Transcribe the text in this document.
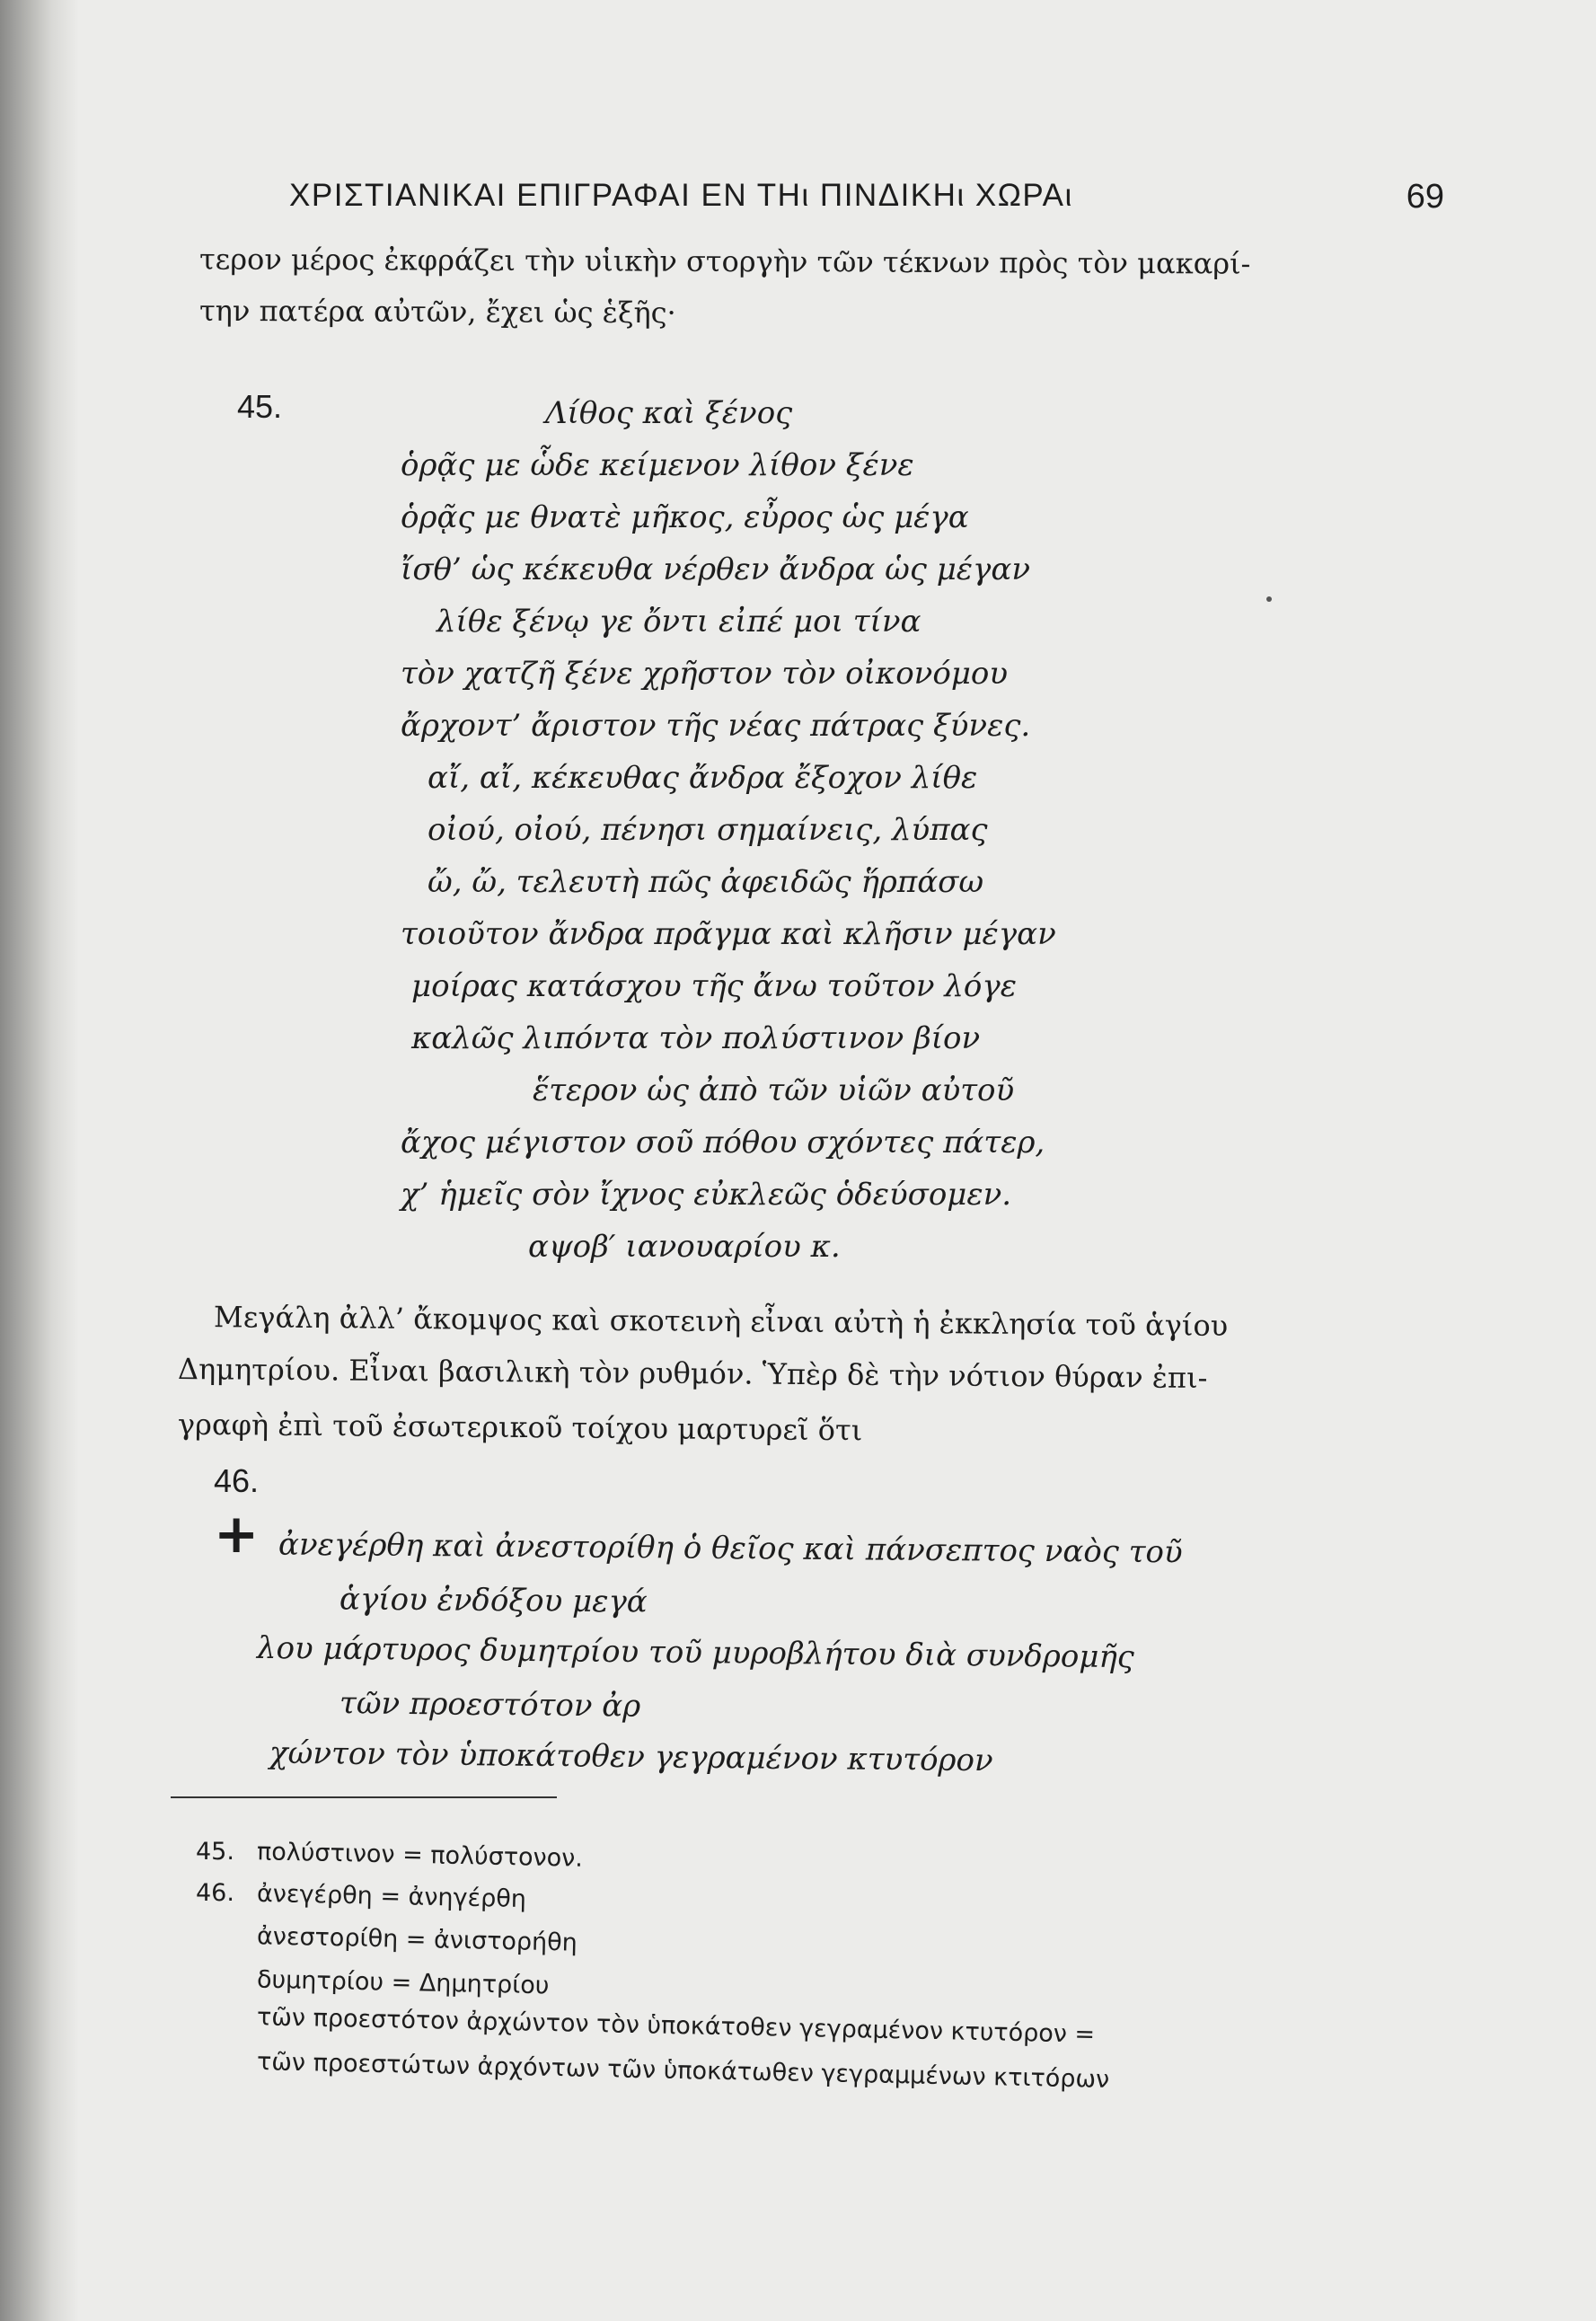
ΧΡΙΣΤΙΑΝΙΚΑΙ ΕΠΙΓΡΑΦΑΙ ΕΝ ΤΗι ΠΙΝΔΙΚΗι ΧΩΡΑι	69
τερον μέρος ἐκφράζει τὴν υἱικὴν στοργὴν τῶν τέκνων πρὸς τὸν μακαρί-
την πατέρα αὐτῶν, ἔχει ὡς ἑξῆς·
45.	Λίθος καὶ ξένος
ὁρᾷς με ὧδε κείμενον λίθον ξένε
ὁρᾷς με θνατὲ μῆκος, εὖρος ὡς μέγα
ἴσθ’ ὡς κέκευθα νέρθεν ἄνδρα ὡς μέγαν
λίθε ξένῳ γε ὄντι εἰπέ μοι τίνα
τὸν χατζῆ ξένε χρῆστον τὸν οἰκονόμου
ἄρχοντ’ ἄριστον τῆς νέας πάτρας ξύνες.
αἴ, αἴ, κέκευθας ἄνδρα ἔξοχον λίθε
οἰού, οἰού, πένησι σημαίνεις, λύπας
ὤ, ὤ, τελευτὴ πῶς ἀφειδῶς ἥρπάσω
τοιοῦτον ἄνδρα πρᾶγμα καὶ κλῆσιν μέγαν
μοίρας κατάσχου τῆς ἄνω τοῦτον λόγε
καλῶς λιπόντα τὸν πολύστινον βίον
ἕτερον ὡς ἀπὸ τῶν υἱῶν αὐτοῦ
ἄχος μέγιστον σοῦ πόθου σχόντες πάτερ,
χ’ ἡμεῖς σὸν ἴχνος εὐκλεῶς ὁδεύσομεν.
αψοβ′ ιανουαρίου κ.
Μεγάλη ἀλλ’ ἄκομψος καὶ σκοτεινὴ εἶναι αὐτὴ ἡ ἐκκλησία τοῦ ἁγίου
Δημητρίου. Εἶναι βασιλικὴ τὸν ρυθμόν. Ὑπὲρ δὲ τὴν νότιον θύραν ἐπι-
γραφὴ ἐπὶ τοῦ ἐσωτερικοῦ τοίχου μαρτυρεῖ ὅτι
46.
+ ἀνεγέρθη καὶ ἀνεστορίθη ὁ θεῖος καὶ πάνσεπτος ναὸς τοῦ
ἁγίου ἐνδόξου μεγά
λου μάρτυρος δυμητρίου τοῦ μυροβλήτου διὰ συνδρομῆς
τῶν προεστότον ἀρ
χώντον τὸν ὑποκάτοθεν γεγραμένον κτυτόρον
45. πολύστινον = πολύστονον.
46. ἀνεγέρθη = ἀνηγέρθη
ἀνεστορίθη = ἀνιστορήθη
δυμητρίου = Δημητρίου
τῶν προεστότον ἀρχώντον τὸν ὑποκάτοθεν γεγραμένον κτυτόρον =
τῶν προεστώτων ἀρχόντων τῶν ὑποκάτωθεν γεγραμμένων κτιτόρων
